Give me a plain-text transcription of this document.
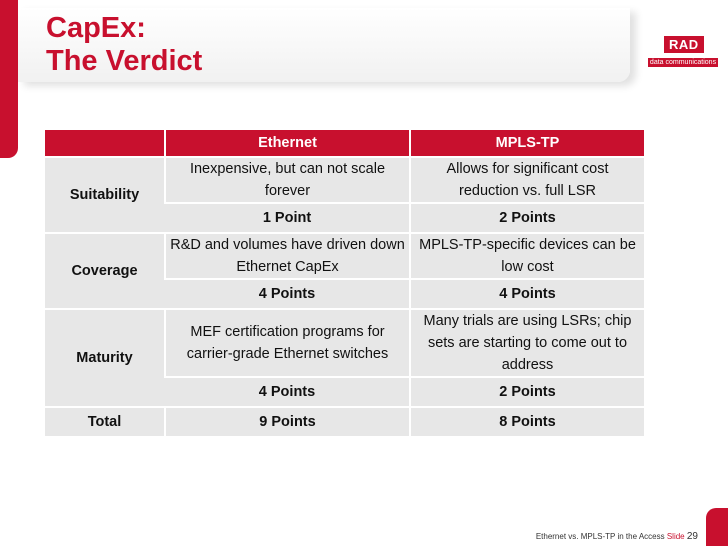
CapEx:
The Verdict
RAD
data communications
	Ethernet	MPLS-TP
Suitability	Inexpensive, but can not scale forever	Allows for significant cost reduction vs. full LSR
	1 Point	2 Points
Coverage	R&D and volumes have driven down Ethernet CapEx	MPLS-TP-specific devices can be low cost
	4 Points	4 Points
Maturity	MEF certification programs for carrier-grade Ethernet switches	Many trials are using LSRs; chip sets are starting to come out to address
	4 Points	2 Points
Total	9 Points	8 Points
Ethernet vs. MPLS-TP in the Access Slide 29
